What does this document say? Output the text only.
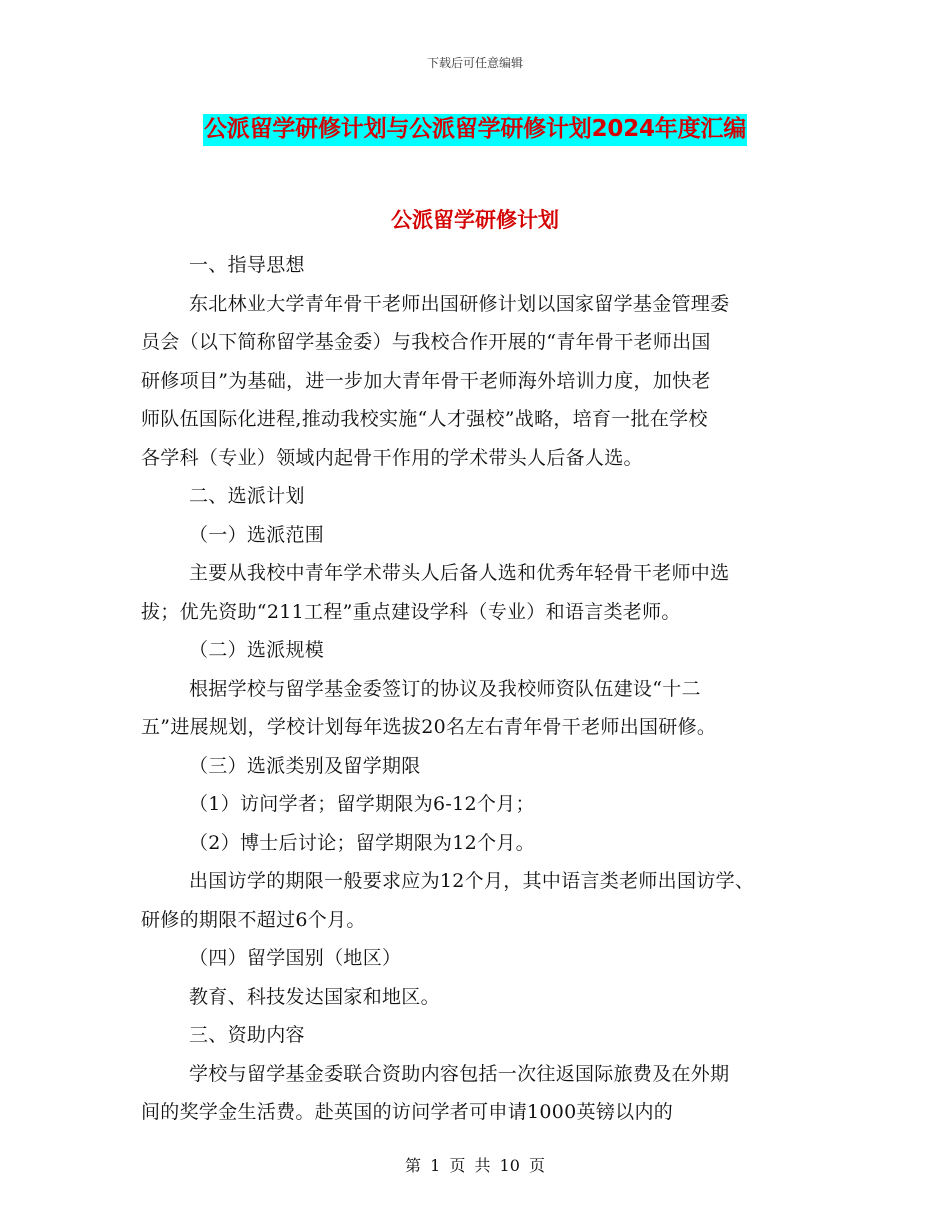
下载后可任意编辑
公派留学研修计划与公派留学研修计划2024年度汇编
公派留学研修计划

一、指导思想

东北林业大学青年骨干老师出国研修计划以国家留学基金管理委

员会（以下简称留学基金委）与我校合作开展的“青年骨干老师出国

研修项目”为基础，进一步加大青年骨干老师海外培训力度，加快老

师队伍国际化进程,推动我校实施“人才强校”战略，培育一批在学校

各学科（专业）领域内起骨干作用的学术带头人后备人选。

二、选派计划

（一）选派范围

主要从我校中青年学术带头人后备人选和优秀年轻骨干老师中选

拔；优先资助“211工程”重点建设学科（专业）和语言类老师。

（二）选派规模

根据学校与留学基金委签订的协议及我校师资队伍建设“十二

五”进展规划，学校计划每年选拔20名左右青年骨干老师出国研修。

（三）选派类别及留学期限

（1）访问学者；留学期限为6-12个月；

（2）博士后讨论；留学期限为12个月。

出国访学的期限一般要求应为12个月，其中语言类老师出国访学、

研修的期限不超过6个月。

（四）留学国别（地区）

教育、科技发达国家和地区。

三、资助内容

学校与留学基金委联合资助内容包括一次往返国际旅费及在外期

间的奖学金生活费。赴英国的访问学者可申请1000英镑以内的

第 1 页 共 10 页
